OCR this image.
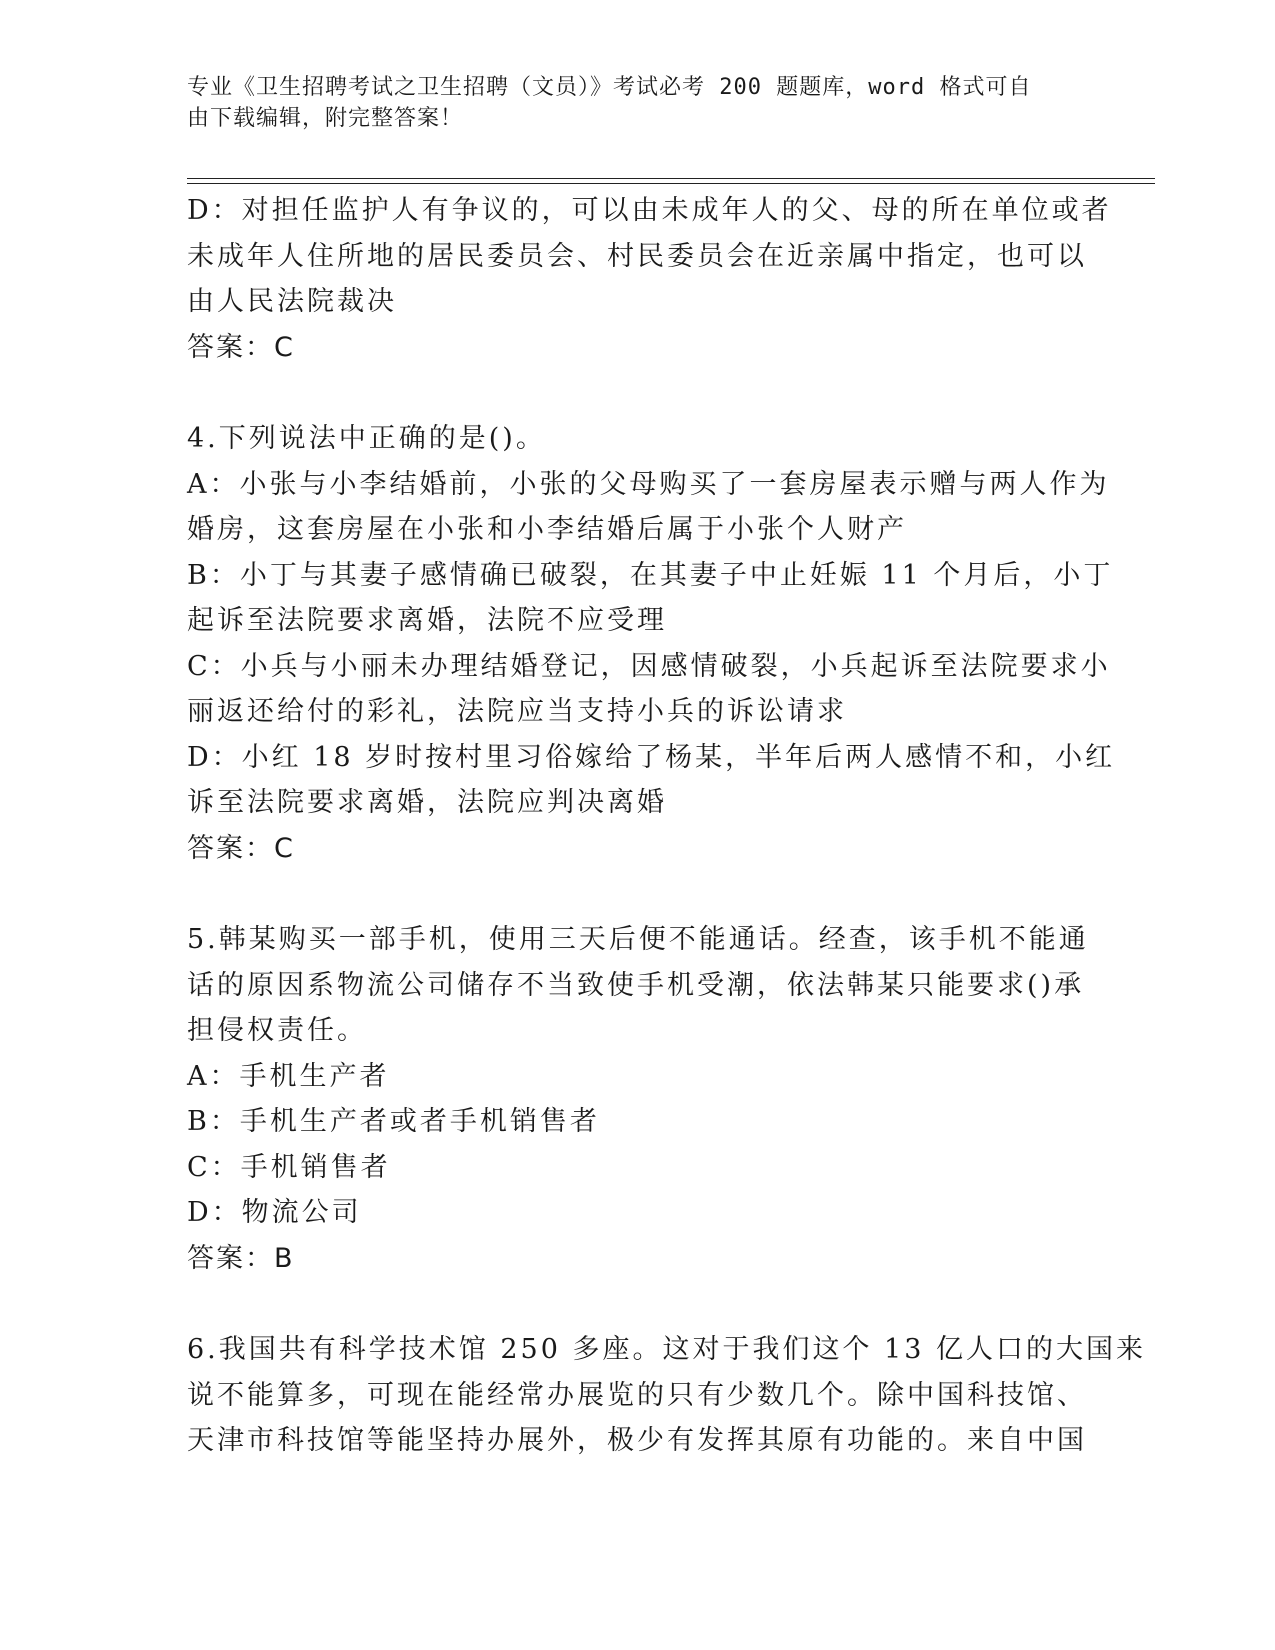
专业《卫生招聘考试之卫生招聘（文员）》考试必考 200 题题库，word 格式可自
由下载编辑，附完整答案！
D：对担任监护人有争议的，可以由未成年人的父、母的所在单位或者
未成年人住所地的居民委员会、村民委员会在近亲属中指定，也可以
由人民法院裁决
答案：C
4.下列说法中正确的是()。
A：小张与小李结婚前，小张的父母购买了一套房屋表示赠与两人作为
婚房，这套房屋在小张和小李结婚后属于小张个人财产
B：小丁与其妻子感情确已破裂，在其妻子中止妊娠 11 个月后，小丁
起诉至法院要求离婚，法院不应受理
C：小兵与小丽未办理结婚登记，因感情破裂，小兵起诉至法院要求小
丽返还给付的彩礼，法院应当支持小兵的诉讼请求
D：小红 18 岁时按村里习俗嫁给了杨某，半年后两人感情不和，小红
诉至法院要求离婚，法院应判决离婚
答案：C
5.韩某购买一部手机，使用三天后便不能通话。经查，该手机不能通
话的原因系物流公司储存不当致使手机受潮，依法韩某只能要求()承
担侵权责任。
A：手机生产者
B：手机生产者或者手机销售者
C：手机销售者
D：物流公司
答案：B
6.我国共有科学技术馆 250 多座。这对于我们这个 13 亿人口的大国来
说不能算多，可现在能经常办展览的只有少数几个。除中国科技馆、
天津市科技馆等能坚持办展外，极少有发挥其原有功能的。来自中国
